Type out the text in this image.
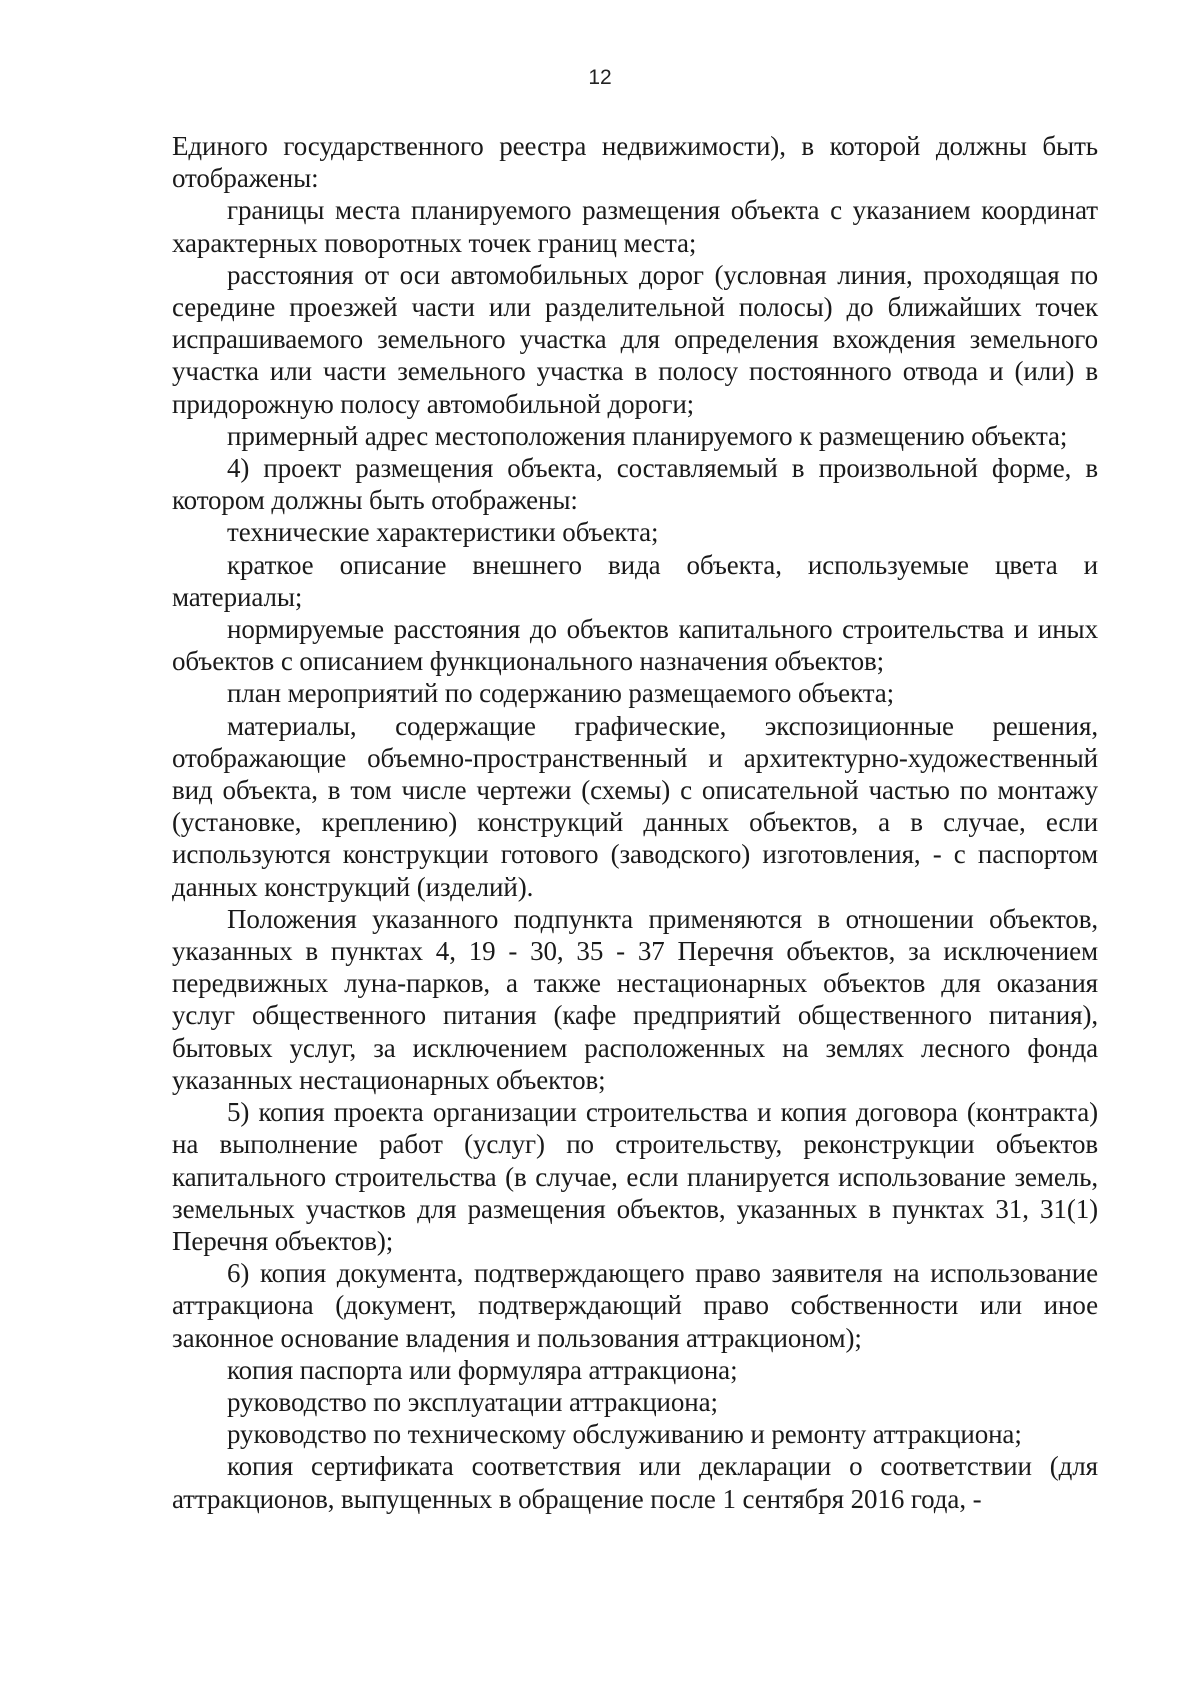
12

Единого государственного реестра недвижимости), в которой должны быть отображены:

границы места планируемого размещения объекта с указанием координат характерных поворотных точек границ места;

расстояния от оси автомобильных дорог (условная линия, проходящая по середине проезжей части или разделительной полосы) до ближайших точек испрашиваемого земельного участка для определения вхождения земельного участка или части земельного участка в полосу постоянного отвода и (или) в придорожную полосу автомобильной дороги;

примерный адрес местоположения планируемого к размещению объекта;

4) проект размещения объекта, составляемый в произвольной форме, в котором должны быть отображены:

технические характеристики объекта;

краткое описание внешнего вида объекта, используемые цвета и материалы;

нормируемые расстояния до объектов капитального строительства и иных объектов с описанием функционального назначения объектов;

план мероприятий по содержанию размещаемого объекта;

материалы, содержащие графические, экспозиционные решения, отображающие объемно-пространственный и архитектурно-художественный вид объекта, в том числе чертежи (схемы) с описательной частью по монтажу (установке, креплению) конструкций данных объектов, а в случае, если используются конструкции готового (заводского) изготовления, - с паспортом данных конструкций (изделий).

Положения указанного подпункта применяются в отношении объектов, указанных в пунктах 4, 19 - 30, 35 - 37 Перечня объектов, за исключением передвижных луна-парков, а также нестационарных объектов для оказания услуг общественного питания (кафе предприятий общественного питания), бытовых услуг, за исключением расположенных на землях лесного фонда указанных нестационарных объектов;

5) копия проекта организации строительства и копия договора (контракта) на выполнение работ (услуг) по строительству, реконструкции объектов капитального строительства (в случае, если планируется использование земель, земельных участков для размещения объектов, указанных в пунктах 31, 31(1) Перечня объектов);

6) копия документа, подтверждающего право заявителя на использование аттракциона (документ, подтверждающий право собственности или иное законное основание владения и пользования аттракционом);

копия паспорта или формуляра аттракциона;

руководство по эксплуатации аттракциона;

руководство по техническому обслуживанию и ремонту аттракциона;

копия сертификата соответствия или декларации о соответствии (для аттракционов, выпущенных в обращение после 1 сентября 2016 года, -
